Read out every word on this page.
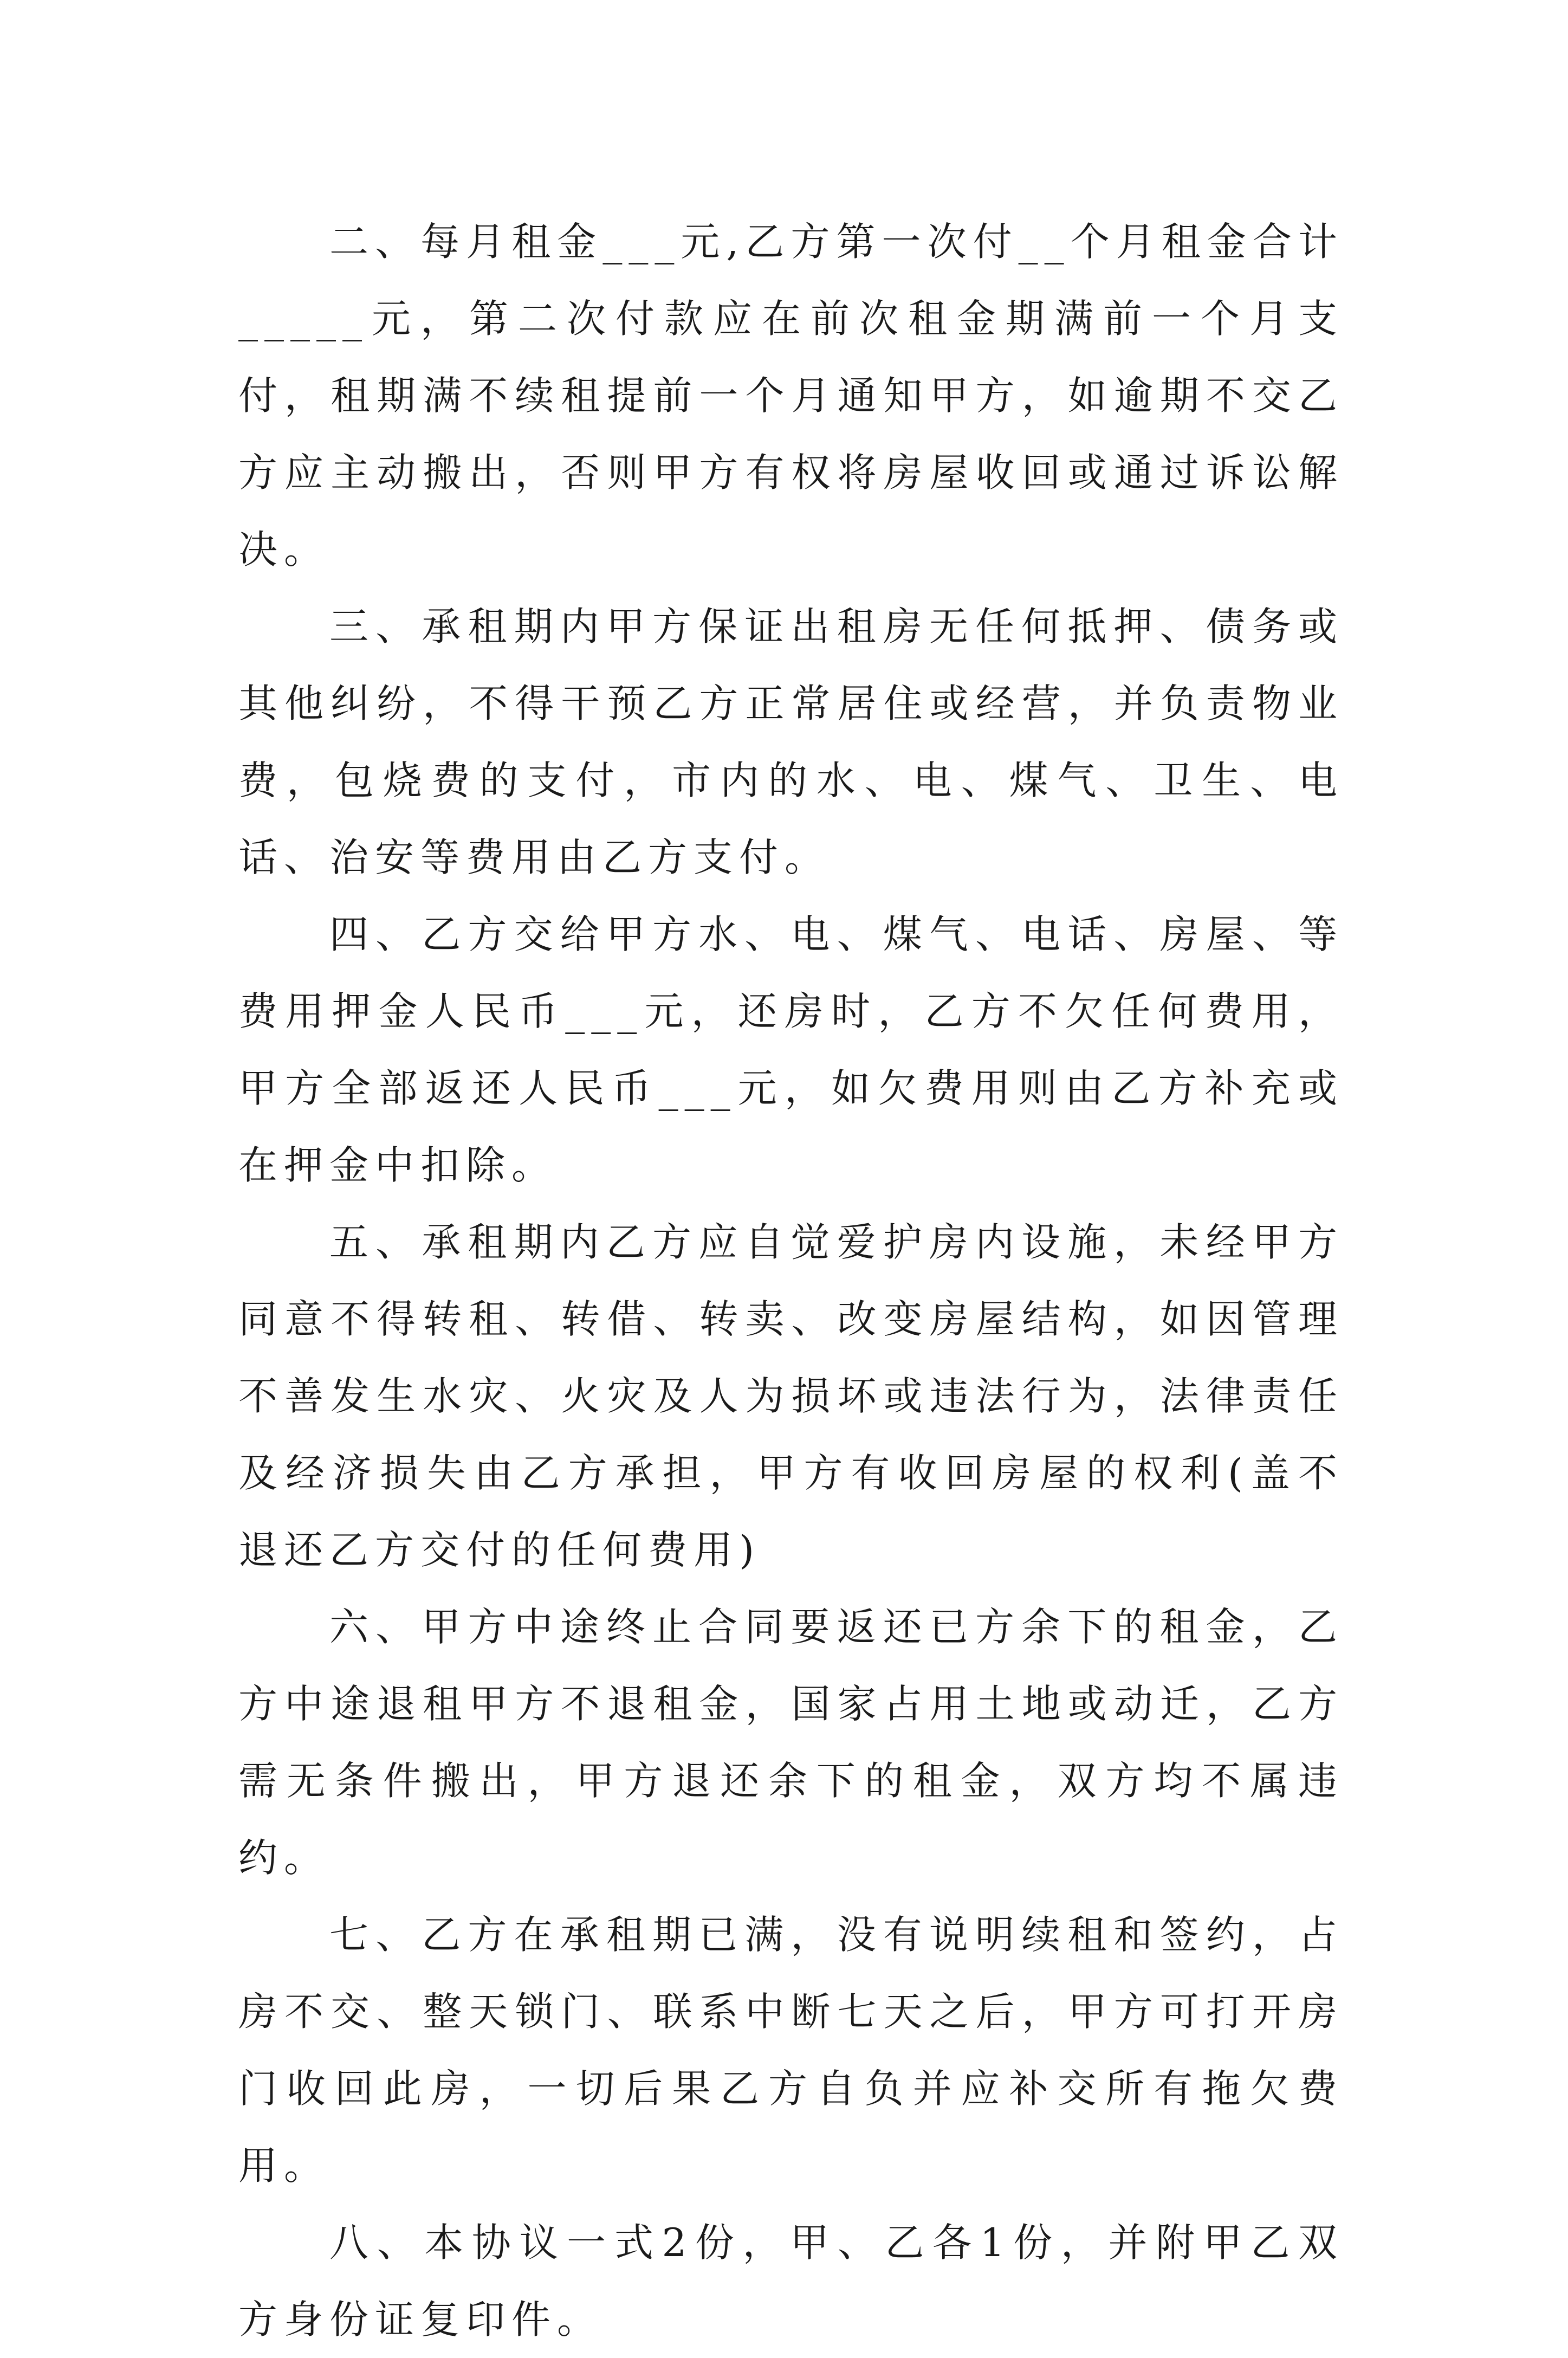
二、每月租金___元,乙方第一次付__个月租金合计_____元，第二次付款应在前次租金期满前一个月支付，租期满不续租提前一个月通知甲方，如逾期不交乙方应主动搬出，否则甲方有权将房屋收回或通过诉讼解决。

三、承租期内甲方保证出租房无任何抵押、债务或其他纠纷，不得干预乙方正常居住或经营，并负责物业费，包烧费的支付，市内的水、电、煤气、卫生、电话、治安等费用由乙方支付。

四、乙方交给甲方水、电、煤气、电话、房屋、等费用押金人民币___元，还房时，乙方不欠任何费用，甲方全部返还人民币___元，如欠费用则由乙方补充或在押金中扣除。

五、承租期内乙方应自觉爱护房内设施，未经甲方同意不得转租、转借、转卖、改变房屋结构，如因管理不善发生水灾、火灾及人为损坏或违法行为，法律责任及经济损失由乙方承担，甲方有收回房屋的权利(盖不退还乙方交付的任何费用)

六、甲方中途终止合同要返还已方余下的租金，乙方中途退租甲方不退租金，国家占用土地或动迁，乙方需无条件搬出，甲方退还余下的租金，双方均不属违约。

七、乙方在承租期已满，没有说明续租和签约，占房不交、整天锁门、联系中断七天之后，甲方可打开房门收回此房，一切后果乙方自负并应补交所有拖欠费用。

八、本协议一式2份，甲、乙各1份，并附甲乙双方身份证复印件。
